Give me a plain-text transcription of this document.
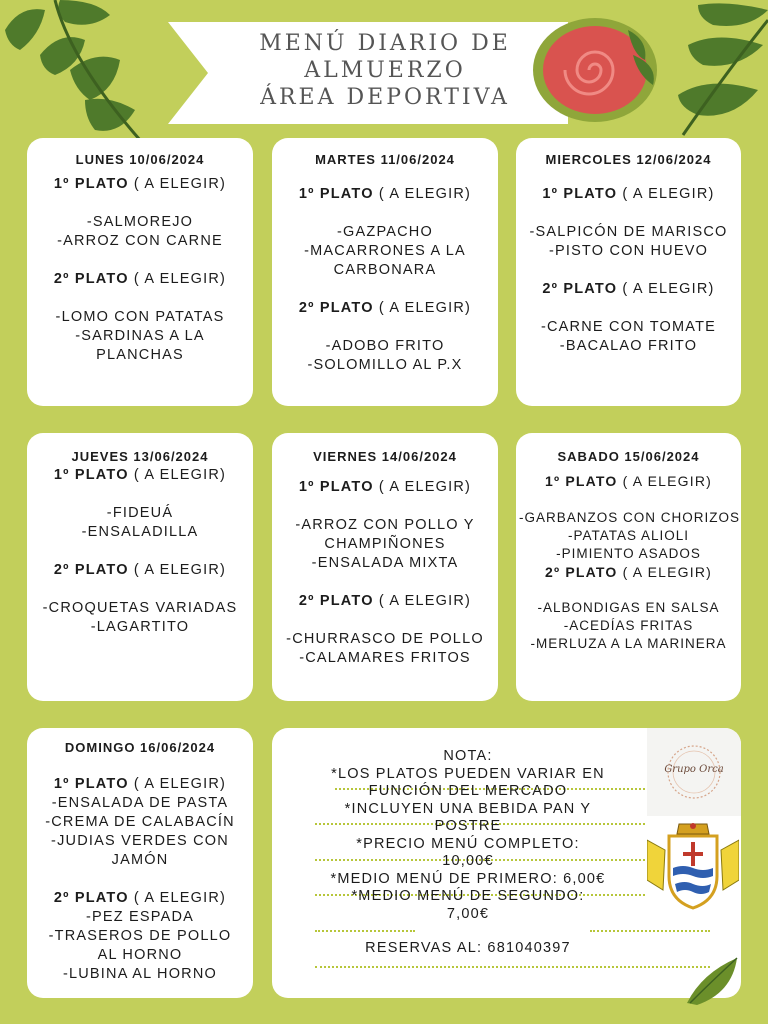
MENÚ DIARIO DE
ALMUERZO
ÁREA DEPORTIVA
LUNES 10/06/2024
1º PLATO ( A ELEGIR)
-SALMOREJO
-ARROZ CON CARNE
2º PLATO ( A ELEGIR)
-LOMO CON PATATAS
-SARDINAS A LA
PLANCHAS
MARTES 11/06/2024
1º PLATO ( A ELEGIR)
-GAZPACHO
-MACARRONES A LA
CARBONARA
2º PLATO ( A ELEGIR)
-ADOBO FRITO
-SOLOMILLO AL P.X
MIERCOLES 12/06/2024
1º PLATO ( A ELEGIR)
-SALPICÓN DE MARISCO
-PISTO CON HUEVO
2º PLATO ( A ELEGIR)
-CARNE CON TOMATE
-BACALAO FRITO
JUEVES 13/06/2024
1º PLATO ( A ELEGIR)
-FIDEUÁ
-ENSALADILLA
2º PLATO ( A ELEGIR)
-CROQUETAS VARIADAS
-LAGARTITO
VIERNES 14/06/2024
1º PLATO ( A ELEGIR)
-ARROZ CON POLLO Y
CHAMPIÑONES
-ENSALADA MIXTA
2º PLATO ( A ELEGIR)
-CHURRASCO DE POLLO
-CALAMARES FRITOS
SABADO 15/06/2024
1º PLATO ( A ELEGIR)
-GARBANZOS CON CHORIZOS
-PATATAS ALIOLI
-PIMIENTO ASADOS
2º PLATO ( A ELEGIR)
-ALBONDIGAS EN SALSA
-ACEDÍAS FRITAS
-MERLUZA A LA MARINERA
DOMINGO 16/06/2024
1º PLATO ( A ELEGIR)
-ENSALADA DE PASTA
-CREMA DE CALABACÍN
-JUDIAS VERDES CON
JAMÓN
2º PLATO ( A ELEGIR)
-PEZ ESPADA
-TRASEROS DE POLLO
AL HORNO
-LUBINA AL HORNO
Grupo Orca
NOTA:
*LOS PLATOS PUEDEN VARIAR EN
FUNCIÓN DEL MERCADO
*INCLUYEN UNA BEBIDA PAN Y
POSTRE
*PRECIO MENÚ COMPLETO:
10,00€
*MEDIO MENÚ DE PRIMERO: 6,00€
*MEDIO MENÚ DE SEGUNDO:
7,00€
RESERVAS AL: 681040397
